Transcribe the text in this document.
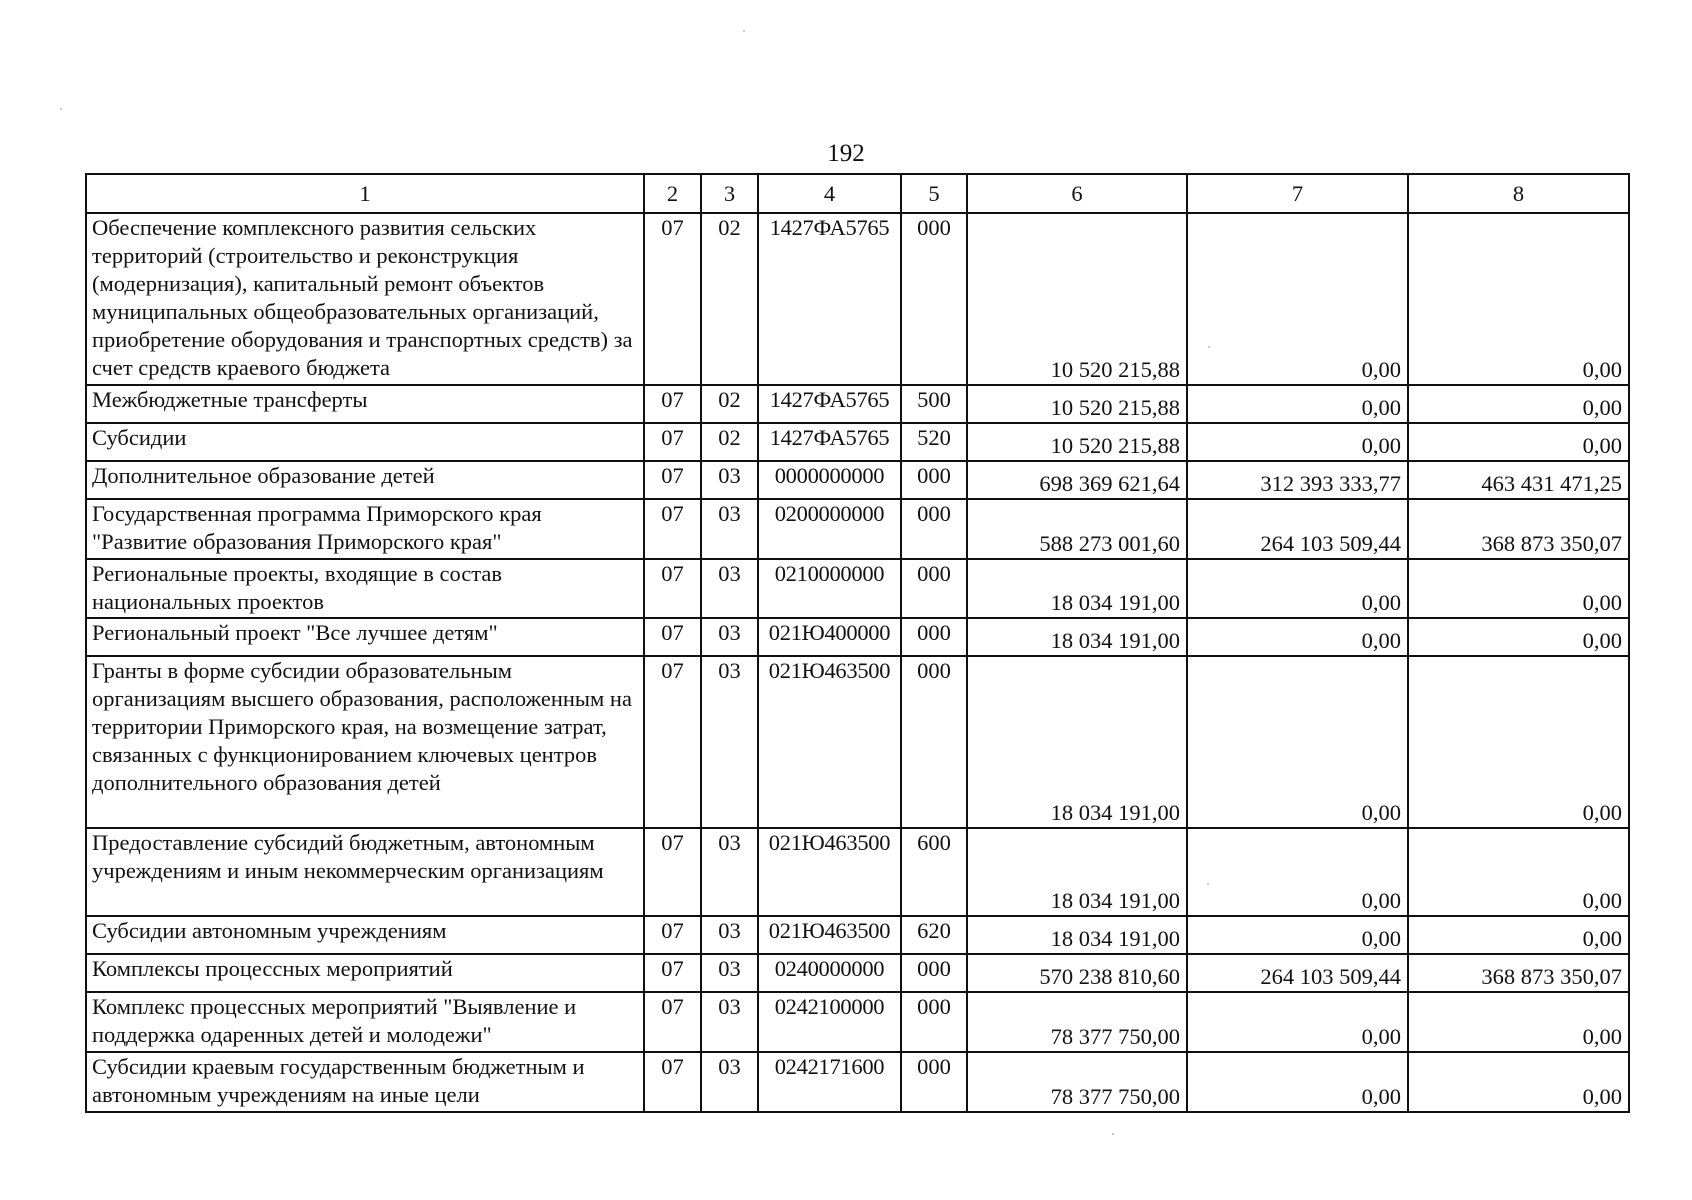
192
1	2	3	4	5	6	7	8
Обеспечение комплексного развития сельских территорий (строительство и реконструкция (модернизация), капитальный ремонт объектов муниципальных общеобразовательных организаций, приобретение оборудования и транспортных средств) за счет средств краевого бюджета	07	02	1427ФА5765	000	10 520 215,88	0,00	0,00
Межбюджетные трансферты	07	02	1427ФА5765	500	10 520 215,88	0,00	0,00
Субсидии	07	02	1427ФА5765	520	10 520 215,88	0,00	0,00
Дополнительное образование детей	07	03	0000000000	000	698 369 621,64	312 393 333,77	463 431 471,25
Государственная программа Приморского края "Развитие образования Приморского края"	07	03	0200000000	000	588 273 001,60	264 103 509,44	368 873 350,07
Региональные проекты, входящие в состав национальных проектов	07	03	0210000000	000	18 034 191,00	0,00	0,00
Региональный проект "Все лучшее детям"	07	03	021Ю400000	000	18 034 191,00	0,00	0,00
Гранты в форме субсидии образовательным организациям высшего образования, расположенным на территории Приморского края, на возмещение затрат, связанных с функционированием ключевых центров дополнительного образования детей	07	03	021Ю463500	000	18 034 191,00	0,00	0,00
Предоставление субсидий бюджетным, автономным учреждениям и иным некоммерческим организациям	07	03	021Ю463500	600	18 034 191,00	0,00	0,00
Субсидии автономным учреждениям	07	03	021Ю463500	620	18 034 191,00	0,00	0,00
Комплексы процессных мероприятий	07	03	0240000000	000	570 238 810,60	264 103 509,44	368 873 350,07
Комплекс процессных мероприятий "Выявление и поддержка одаренных детей и молодежи"	07	03	0242100000	000	78 377 750,00	0,00	0,00
Субсидии краевым государственным бюджетным и автономным учреждениям на иные цели	07	03	0242171600	000	78 377 750,00	0,00	0,00
